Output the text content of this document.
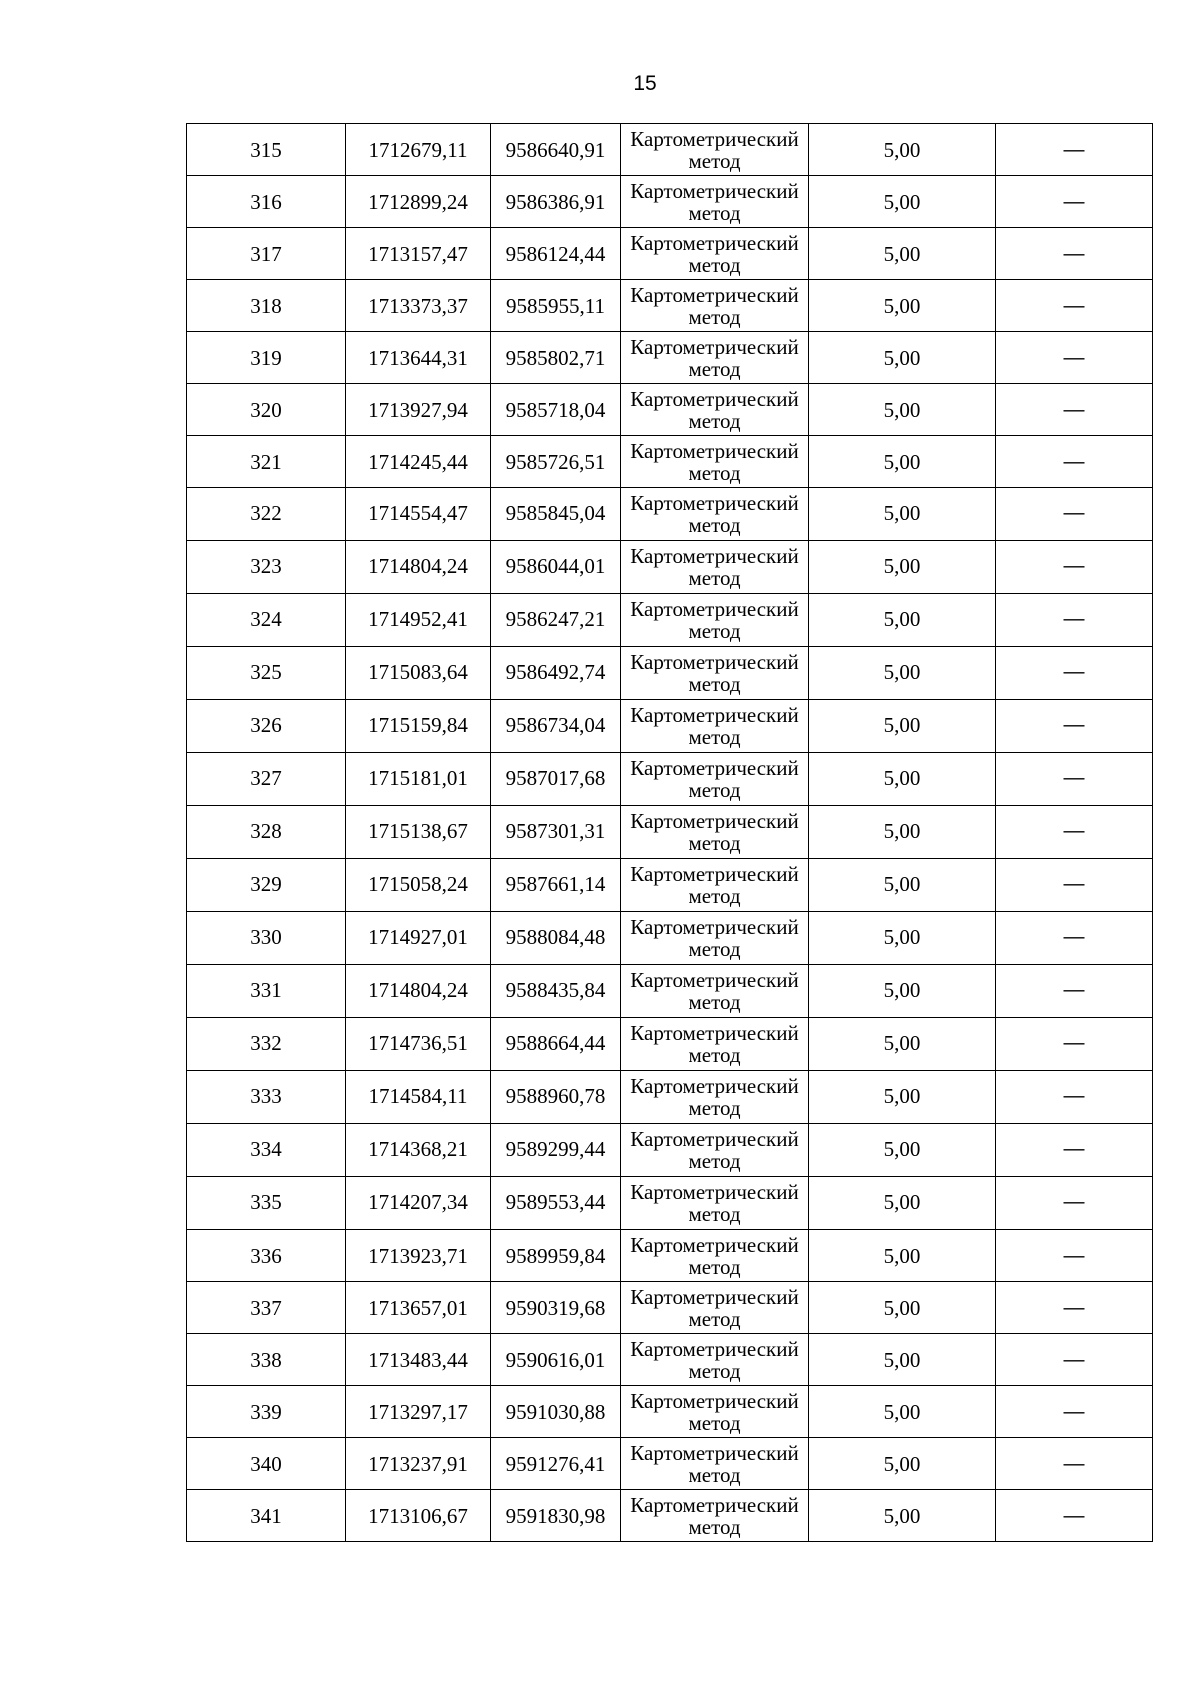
15
315	1712679,11	9586640,91	Картометрический
метод	5,00	—
316	1712899,24	9586386,91	Картометрический
метод	5,00	—
317	1713157,47	9586124,44	Картометрический
метод	5,00	—
318	1713373,37	9585955,11	Картометрический
метод	5,00	—
319	1713644,31	9585802,71	Картометрический
метод	5,00	—
320	1713927,94	9585718,04	Картометрический
метод	5,00	—
321	1714245,44	9585726,51	Картометрический
метод	5,00	—
322	1714554,47	9585845,04	Картометрический
метод	5,00	—
323	1714804,24	9586044,01	Картометрический
метод	5,00	—
324	1714952,41	9586247,21	Картометрический
метод	5,00	—
325	1715083,64	9586492,74	Картометрический
метод	5,00	—
326	1715159,84	9586734,04	Картометрический
метод	5,00	—
327	1715181,01	9587017,68	Картометрический
метод	5,00	—
328	1715138,67	9587301,31	Картометрический
метод	5,00	—
329	1715058,24	9587661,14	Картометрический
метод	5,00	—
330	1714927,01	9588084,48	Картометрический
метод	5,00	—
331	1714804,24	9588435,84	Картометрический
метод	5,00	—
332	1714736,51	9588664,44	Картометрический
метод	5,00	—
333	1714584,11	9588960,78	Картометрический
метод	5,00	—
334	1714368,21	9589299,44	Картометрический
метод	5,00	—
335	1714207,34	9589553,44	Картометрический
метод	5,00	—
336	1713923,71	9589959,84	Картометрический
метод	5,00	—
337	1713657,01	9590319,68	Картометрический
метод	5,00	—
338	1713483,44	9590616,01	Картометрический
метод	5,00	—
339	1713297,17	9591030,88	Картометрический
метод	5,00	—
340	1713237,91	9591276,41	Картометрический
метод	5,00	—
341	1713106,67	9591830,98	Картометрический
метод	5,00	—
